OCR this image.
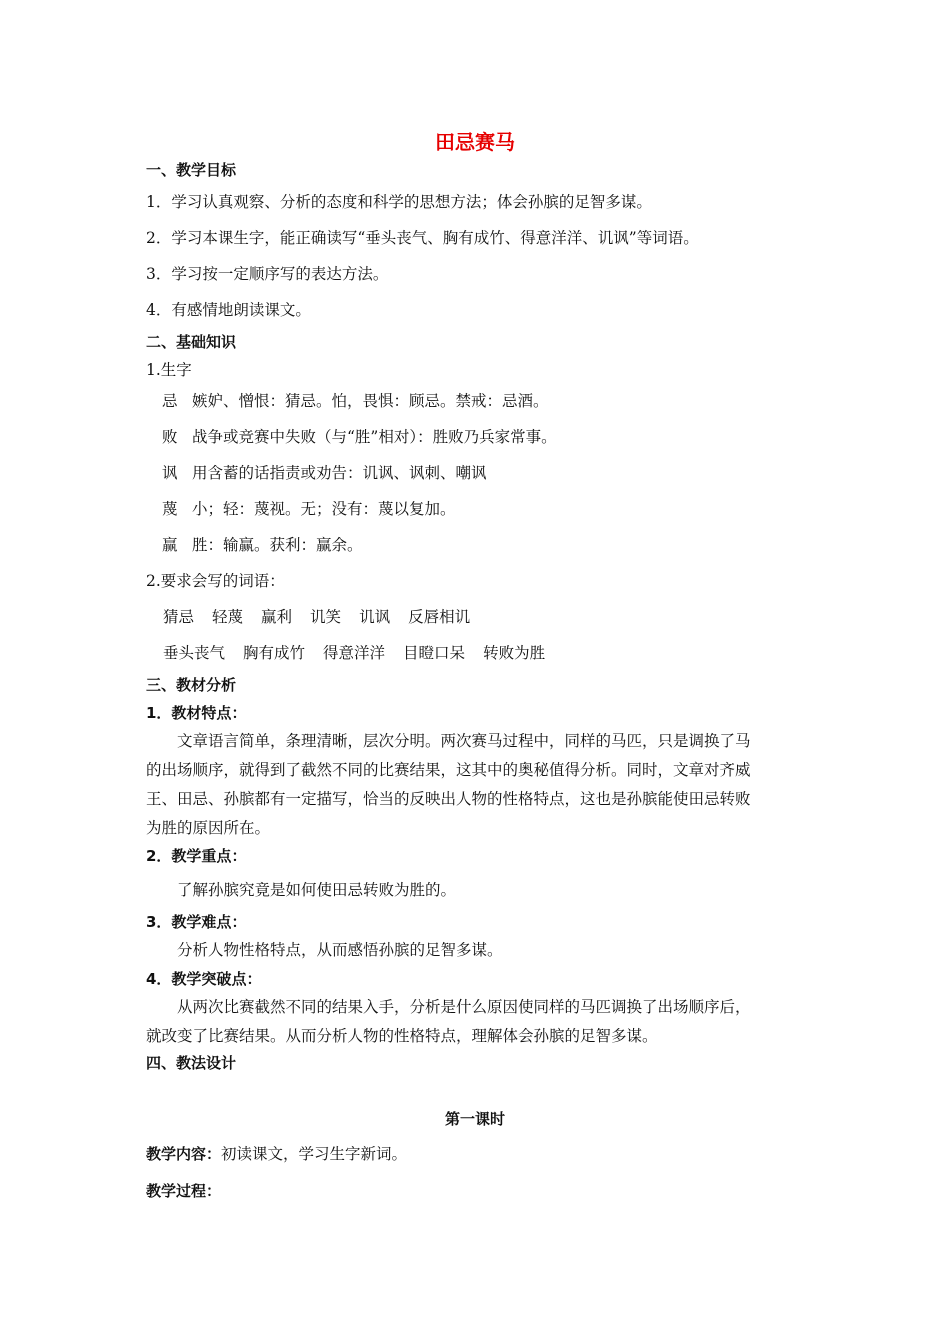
田忌赛马
一、教学目标
1．学习认真观察、分析的态度和科学的思想方法；体会孙膑的足智多谋。
2．学习本课生字，能正确读写“垂头丧气、胸有成竹、得意洋洋、讥讽”等词语。
3．学习按一定顺序写的表达方法。
4．有感情地朗读课文。
二、基础知识
1.生字
忌 嫉妒、憎恨：猜忌。怕，畏惧：顾忌。禁戒：忌酒。
败 战争或竞赛中失败（与“胜”相对）：胜败乃兵家常事。
讽 用含蓄的话指责或劝告：讥讽、讽刺、嘲讽
蔑 小；轻：蔑视。无；没有：蔑以复加。
赢 胜：输赢。获利：赢余。
2.要求会写的词语：
猜忌 轻蔑 赢利 讥笑 讥讽 反唇相讥
垂头丧气 胸有成竹 得意洋洋 目瞪口呆 转败为胜
三、教材分析
1．教材特点：
文章语言简单，条理清晰，层次分明。两次赛马过程中，同样的马匹，只是调换了马
的出场顺序，就得到了截然不同的比赛结果，这其中的奥秘值得分析。同时，文章对齐威
王、田忌、孙膑都有一定描写，恰当的反映出人物的性格特点，这也是孙膑能使田忌转败
为胜的原因所在。
2．教学重点：
了解孙膑究竟是如何使田忌转败为胜的。
3．教学难点：
分析人物性格特点，从而感悟孙膑的足智多谋。
4．教学突破点：
从两次比赛截然不同的结果入手，分析是什么原因使同样的马匹调换了出场顺序后，
就改变了比赛结果。从而分析人物的性格特点，理解体会孙膑的足智多谋。
四、教法设计
第一课时
教学内容：初读课文，学习生字新词。
教学过程：
